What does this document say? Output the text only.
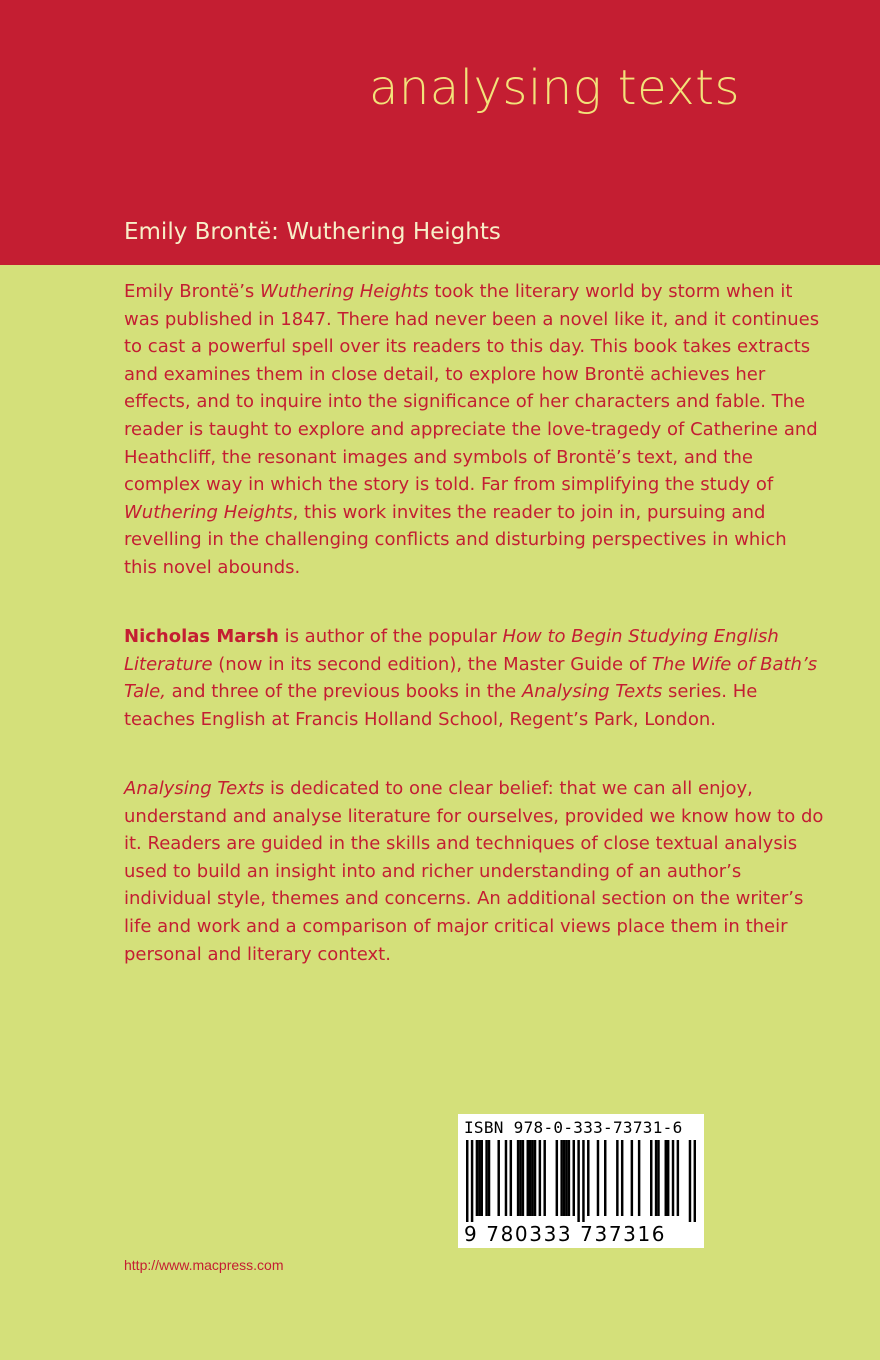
analysing texts
Emily Brontë: Wuthering Heights

Emily Brontë’s Wuthering Heights took the literary world by storm when it was published in 1847. There had never been a novel like it, and it continues to cast a powerful spell over its readers to this day. This book takes extracts and examines them in close detail, to explore how Brontë achieves her effects, and to inquire into the significance of her characters and fable. The reader is taught to explore and appreciate the love-tragedy of Catherine and Heathcliff, the resonant images and symbols of Brontë’s text, and the complex way in which the story is told. Far from simplifying the study of Wuthering Heights, this work invites the reader to join in, pursuing and revelling in the challenging conflicts and disturbing perspectives in which this novel abounds.

Nicholas Marsh is author of the popular How to Begin Studying English Literature (now in its second edition), the Master Guide of The Wife of Bath’s Tale, and three of the previous books in the Analysing Texts series. He teaches English at Francis Holland School, Regent’s Park, London.

Analysing Texts is dedicated to one clear belief: that we can all enjoy, understand and analyse literature for ourselves, provided we know how to do it. Readers are guided in the skills and techniques of close textual analysis used to build an insight into and richer understanding of an author’s individual style, themes and concerns. An additional section on the writer’s life and work and a comparison of major critical views place them in their personal and literary context.

ISBN 978-0-333-73731-6
9 780333 737316
http://www.macpress.com
